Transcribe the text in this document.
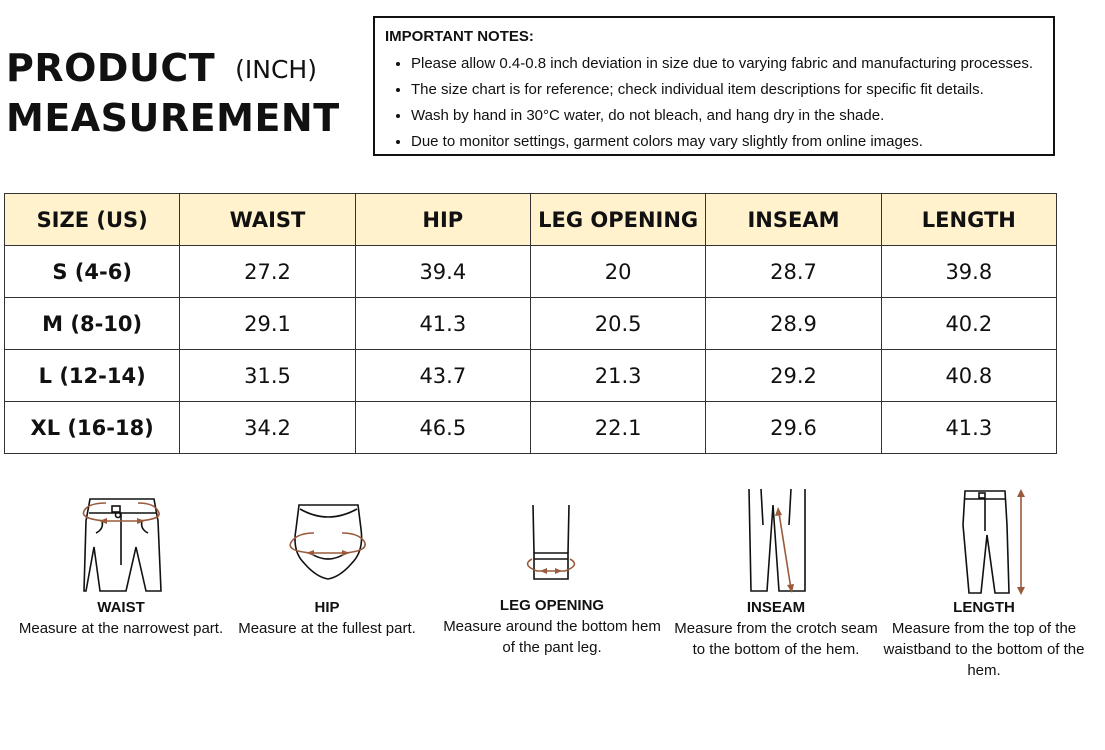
PRODUCT (INCH)
MEASUREMENT
IMPORTANT NOTES:
• Please allow 0.4-0.8 inch deviation in size due to varying fabric and manufacturing processes.
• The size chart is for reference; check individual item descriptions for specific fit details.
• Wash by hand in 30°C water, do not bleach, and hang dry in the shade.
• Due to monitor settings, garment colors may vary slightly from online images.
SIZE (US)	WAIST	HIP	LEG OPENING	INSEAM	LENGTH
S (4-6)	27.2	39.4	20	28.7	39.8
M (8-10)	29.1	41.3	20.5	28.9	40.2
L (12-14)	31.5	43.7	21.3	29.2	40.8
XL (16-18)	34.2	46.5	22.1	29.6	41.3
WAIST
Measure at the narrowest part.
HIP
Measure at the fullest part.
LEG OPENING
Measure around the bottom hem of the pant leg.
INSEAM
Measure from the crotch seam to the bottom of the hem.
LENGTH
Measure from the top of the waistband to the bottom of the hem.
